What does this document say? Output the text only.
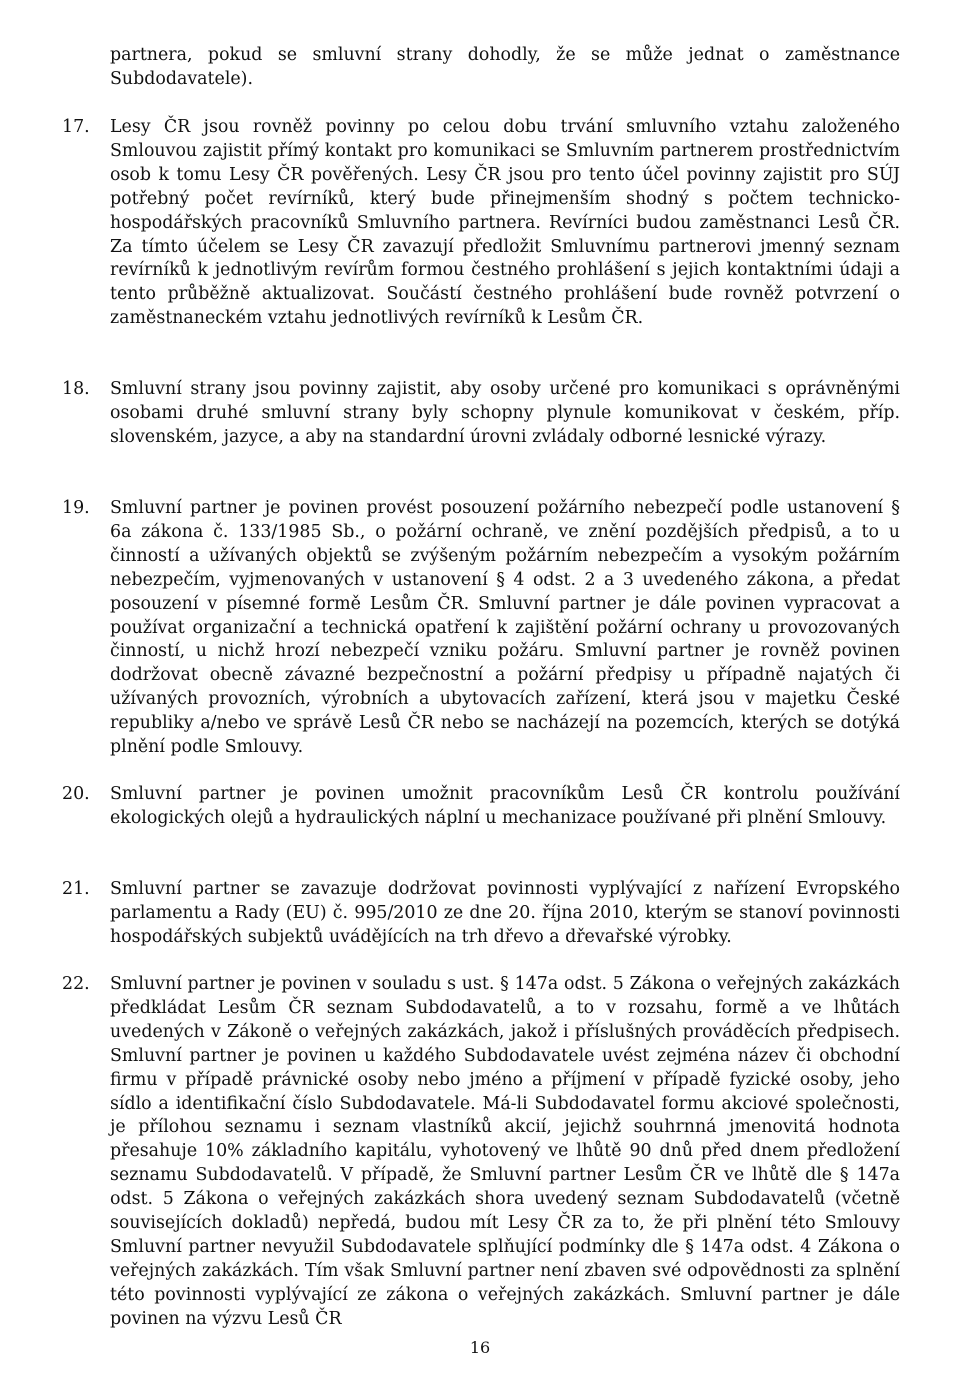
partnera, pokud se smluvní strany dohodly, že se může jednat o zaměstnance Subdodavatele).
17.	Lesy ČR jsou rovněž povinny po celou dobu trvání smluvního vztahu založeného Smlouvou zajistit přímý kontakt pro komunikaci se Smluvním partnerem prostřednictvím osob k tomu Lesy ČR pověřených. Lesy ČR jsou pro tento účel povinny zajistit pro SÚJ potřebný počet revírníků, který bude přinejmenším shodný s počtem technicko-hospodářských pracovníků Smluvního partnera. Revírníci budou zaměstnanci Lesů ČR. Za tímto účelem se Lesy ČR zavazují předložit Smluvnímu partnerovi jmenný seznam revírníků k jednotlivým revírům formou čestného prohlášení s jejich kontaktními údaji a tento průběžně aktualizovat. Součástí čestného prohlášení bude rovněž potvrzení o zaměstnaneckém vztahu jednotlivých revírníků k Lesům ČR.
18.	Smluvní strany jsou povinny zajistit, aby osoby určené pro komunikaci s oprávněnými osobami druhé smluvní strany byly schopny plynule komunikovat v českém, příp. slovenském, jazyce, a aby na standardní úrovni zvládaly odborné lesnické výrazy.
19.	Smluvní partner je povinen provést posouzení požárního nebezpečí podle ustanovení § 6a zákona č. 133/1985 Sb., o požární ochraně, ve znění pozdějších předpisů, a to u činností a užívaných objektů se zvýšeným požárním nebezpečím a vysokým požárním nebezpečím, vyjmenovaných v ustanovení § 4 odst. 2 a 3 uvedeného zákona, a předat posouzení v písemné formě Lesům ČR. Smluvní partner je dále povinen vypracovat a používat organizační a technická opatření k zajištění požární ochrany u provozovaných činností, u nichž hrozí nebezpečí vzniku požáru. Smluvní partner je rovněž povinen dodržovat obecně závazné bezpečnostní a požární předpisy u případně najatých či užívaných provozních, výrobních a ubytovacích zařízení, která jsou v majetku České republiky a/nebo ve správě Lesů ČR nebo se nacházejí na pozemcích, kterých se dotýká plnění podle Smlouvy.
20.	Smluvní partner je povinen umožnit pracovníkům Lesů ČR kontrolu používání ekologických olejů a hydraulických náplní u mechanizace používané při plnění Smlouvy.
21.	Smluvní partner se zavazuje dodržovat povinnosti vyplývající z nařízení Evropského parlamentu a Rady (EU) č. 995/2010 ze dne 20. října 2010, kterým se stanoví povinnosti hospodářských subjektů uvádějících na trh dřevo a dřevařské výrobky.
22.	Smluvní partner je povinen v souladu s ust. § 147a odst. 5 Zákona o veřejných zakázkách předkládat Lesům ČR seznam Subdodavatelů, a to v rozsahu, formě a ve lhůtách uvedených v Zákoně o veřejných zakázkách, jakož i příslušných prováděcích předpisech. Smluvní partner je povinen u každého Subdodavatele uvést zejména název či obchodní firmu v případě právnické osoby nebo jméno a příjmení v případě fyzické osoby, jeho sídlo a identifikační číslo Subdodavatele. Má-li Subdodavatel formu akciové společnosti, je přílohou seznamu i seznam vlastníků akcií, jejichž souhrnná jmenovitá hodnota přesahuje 10% základního kapitálu, vyhotovený ve lhůtě 90 dnů před dnem předložení seznamu Subdodavatelů. V případě, že Smluvní partner Lesům ČR ve lhůtě dle § 147a odst. 5 Zákona o veřejných zakázkách shora uvedený seznam Subdodavatelů (včetně souvisejících dokladů) nepředá, budou mít Lesy ČR za to, že při plnění této Smlouvy Smluvní partner nevyužil Subdodavatele splňující podmínky dle § 147a odst. 4 Zákona o veřejných zakázkách. Tím však Smluvní partner není zbaven své odpovědnosti za splnění této povinnosti vyplývající ze zákona o veřejných zakázkách. Smluvní partner je dále povinen na výzvu Lesů ČR
16
